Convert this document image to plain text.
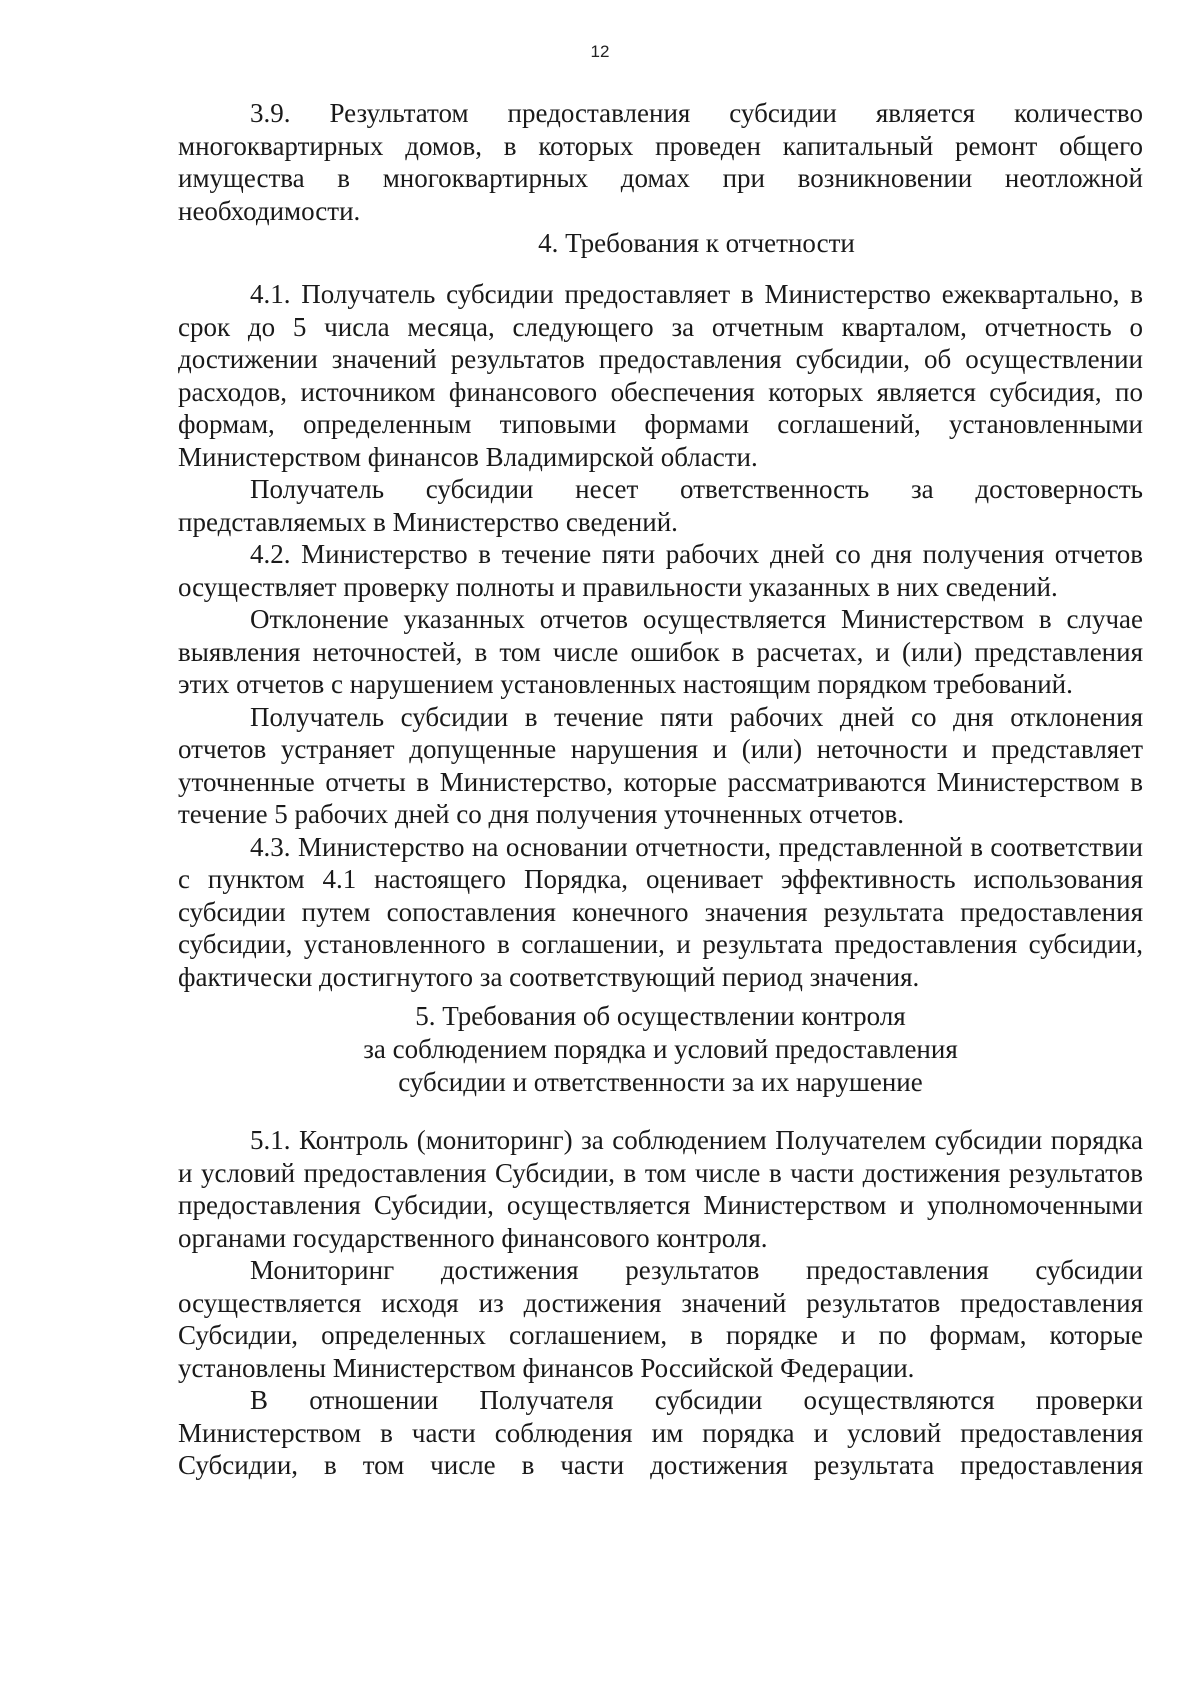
12

3.9. Результатом предоставления субсидии является количество многоквартирных домов, в которых проведен капитальный ремонт общего имущества в многоквартирных домах при возникновении неотложной необходимости.

4. Требования к отчетности

4.1. Получатель субсидии предоставляет в Министерство ежеквартально, в срок до 5 числа месяца, следующего за отчетным кварталом, отчетность о достижении значений результатов предоставления субсидии, об осуществлении расходов, источником финансового обеспечения которых является субсидия, по формам, определенным типовыми формами соглашений, установленными Министерством финансов Владимирской области.

Получатель субсидии несет ответственность за достоверность представляемых в Министерство сведений.

4.2. Министерство в течение пяти рабочих дней со дня получения отчетов осуществляет проверку полноты и правильности указанных в них сведений.

Отклонение указанных отчетов осуществляется Министерством в случае выявления неточностей, в том числе ошибок в расчетах, и (или) представления этих отчетов с нарушением установленных настоящим порядком требований.

Получатель субсидии в течение пяти рабочих дней со дня отклонения отчетов устраняет допущенные нарушения и (или) неточности и представляет уточненные отчеты в Министерство, которые рассматриваются Министерством в течение 5 рабочих дней со дня получения уточненных отчетов.

4.3. Министерство на основании отчетности, представленной в соответствии с пунктом 4.1 настоящего Порядка, оценивает эффективность использования субсидии путем сопоставления конечного значения результата предоставления субсидии, установленного в соглашении, и результата предоставления субсидии, фактически достигнутого за соответствующий период значения.

5. Требования об осуществлении контроля
за соблюдением порядка и условий предоставления
субсидии и ответственности за их нарушение

5.1. Контроль (мониторинг) за соблюдением Получателем субсидии порядка и условий предоставления Субсидии, в том числе в части достижения результатов предоставления Субсидии, осуществляется Министерством и уполномоченными органами государственного финансового контроля.

Мониторинг достижения результатов предоставления субсидии осуществляется исходя из достижения значений результатов предоставления Субсидии, определенных соглашением, в порядке и по формам, которые установлены Министерством финансов Российской Федерации.

В отношении Получателя субсидии осуществляются проверки Министерством в части соблюдения им порядка и условий предоставления Субсидии, в том числе в части достижения результата предоставления
